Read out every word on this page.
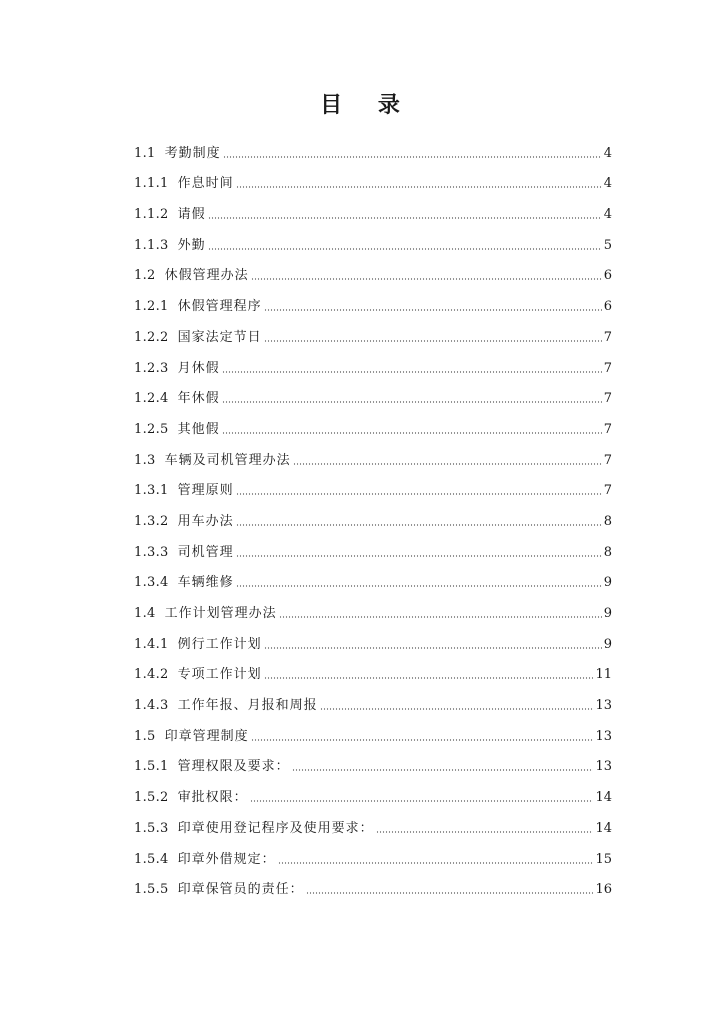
目 录
1.1 考勤制度	4
1.1.1 作息时间	4
1.1.2 请假	4
1.1.3 外勤	5
1.2 休假管理办法	6
1.2.1 休假管理程序	6
1.2.2 国家法定节日	7
1.2.3 月休假	7
1.2.4 年休假	7
1.2.5 其他假	7
1.3 车辆及司机管理办法	7
1.3.1 管理原则	7
1.3.2 用车办法	8
1.3.3 司机管理	8
1.3.4 车辆维修	9
1.4 工作计划管理办法	9
1.4.1 例行工作计划	9
1.4.2 专项工作计划	11
1.4.3 工作年报、月报和周报	13
1.5 印章管理制度	13
1.5.1 管理权限及要求：	13
1.5.2 审批权限：	14
1.5.3 印章使用登记程序及使用要求：	14
1.5.4 印章外借规定：	15
1.5.5 印章保管员的责任：	16
